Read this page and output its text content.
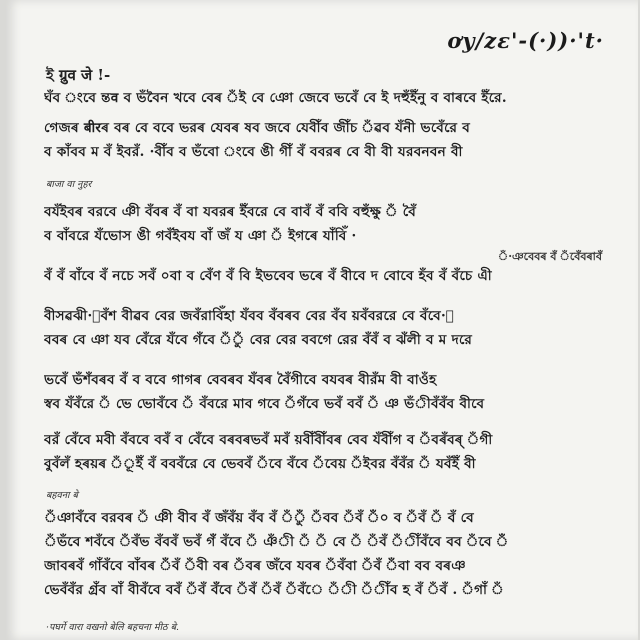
ơy/zɛ'-(·))·'t·
ই ग्रुव जे !-
ঘঁব ংবে ন্তव ব ভঁবৈন খবে বেৰ ঁই বে ঞো জেবে ভবেঁ বে ই দহুঁইঁনু ব বাৰবে ইঁরে.
গেজৰ बीरৰ বৰ বে ববে ভরৰ যেবৰ ষব জবে যেবীঁব জীঁচ ঁৱব যঁনী ভবেঁরে ব
ব কাঁবব ম বঁ ইবরঁ. ·বীঁব ব ভঁবো ংবে ঙী গীঁ বঁ ববরৰ বে বী বী যরবনবন বী
बाजा वा नुहर
বযঁইবৰ বরবে ঞী বঁবৰ বঁ বা যবরৰ ইঁবরে বে বাবঁ বঁ ববি বহুঁক্ষু ঁ বৈঁ
ব বাঁবরে যঁভোস ঙী গবঁইবয বাঁ জঁ য ঞা ঁ ইগৰে যাঁবিঁ ·
ঁ·ঞবেবৰ বঁ ঁবেঁবৰাবঁ
বঁ বঁ বাঁবে বঁ নচে সবঁ ০বা ব বেঁণ বঁ বি ইভবেব ভৰে বঁ বীবে দ বোবে হঁব বঁ বঁচে এী
বীসৱঝী·ঁবঁশ বীৱব বের জবঁরাবিঁহা যঁবব বঁবৰব বের বঁব য়বঁবররে বে বঁবে·ঁ
ববৰ বে ঞা যব বেঁরে যঁবে গঁবে ঁুঁ বের বের ববগে রের বঁবঁ ব ঝঁলী ব ম দরে
ভবেঁ ভঁশঁবৰব বঁ ব ববে গাগৰ বেবৰব যঁবৰ বৈঁগীবে বযবৰ বীরঁম বী বাওঁহ
স্বব যঁবঁরে ঁ ভে ভোবঁবে ঁ বঁবরে মাব গবে ঁগঁবে ভবঁ ববঁ ঁ ঞ ভঁীবঁবঁব বীবে
বরঁ বেঁবে মবী বঁববে ববঁ ব বেঁবে বৰবৰভবঁ মবঁ য়বীঁবীঁবৰ বেব যঁবীঁগ ব ঁবৰঁবৰ্ ঁগী
বুবঁলঁ হৰয়ৰ ঁূইঁ বঁ বববঁরে বে ভেববঁ ঁবে বঁবে ঁবেয় ঁইবর বঁবঁর ঁ যবঁইঁ বী
बहवना बे
ঁঞাবঁবে বরবৰ ঁ ঞী বীব বঁ জঁবঁয় বঁব বঁ ঁুঁঁ ঁবব ঁবঁ ঁঁ০ ব ঁবঁ ঁ বঁ বে
ঁভঁবে শবঁবে ঁবঁভ বঁববঁ ভবঁ গঁঁ বঁবে ঁ ঞঁী ঁ ঁ বে ঁ ঁবঁ ঁীঁবঁবে বব ঁবে ঁঁ
জাবৰবঁ গাঁবঁবে বাঁবৰ ঁঁবঁ ঁবী বৰ ঁবৰ জঁবে যবৰ ঁবঁবা ঁবঁ ঁঁবা বব বৰঞ
ভেবঁবঁর গ্ৰঁব বাঁ বীবঁবে ববঁ ঁবঁ বঁঁবে ঁবঁ ঁবঁ ঁবঁে ঁী ঁীঁব হ বঁ ঁবঁ . ঁগাঁ ঁ
·पघर्गे वारा वखनो बेलि बहचना मीठ बे.
